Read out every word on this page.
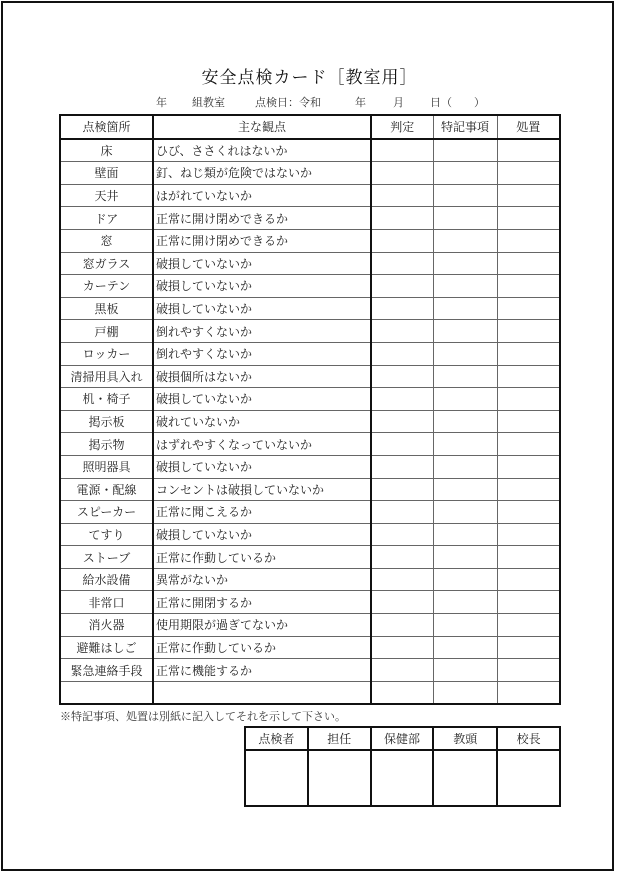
安全点検カード［教室用］
年 組教室	点検日：令和	年 月 日（　　）
点検箇所	主な観点	判定	特記事項	処置
床	ひび、ささくれはないか			
壁面	釘、ねじ類が危険ではないか			
天井	はがれていないか			
ドア	正常に開け閉めできるか			
窓	正常に開け閉めできるか			
窓ガラス	破損していないか			
カーテン	破損していないか			
黒板	破損していないか			
戸棚	倒れやすくないか			
ロッカー	倒れやすくないか			
清掃用具入れ	破損個所はないか			
机・椅子	破損していないか			
掲示板	破れていないか			
掲示物	はずれやすくなっていないか			
照明器具	破損していないか			
電源・配線	コンセントは破損していないか			
スピーカー	正常に聞こえるか			
てすり	破損していないか			
ストーブ	正常に作動しているか			
給水設備	異常がないか			
非常口	正常に開閉するか			
消火器	使用期限が過ぎてないか			
避難はしご	正常に作動しているか			
緊急連絡手段	正常に機能するか			

※特記事項、処置は別紙に記入してそれを示して下さい。
点検者	担任	保健部	教頭	校長
